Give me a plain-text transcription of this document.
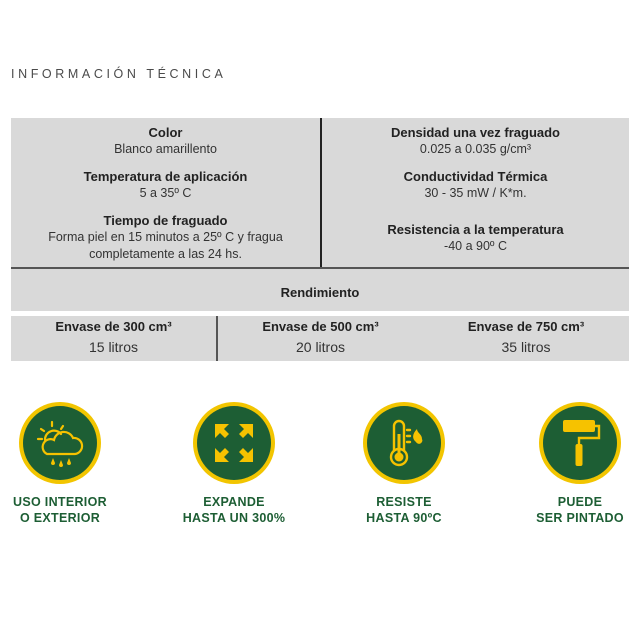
INFORMACIÓN TÉCNICA
Color
Blanco amarillento
Temperatura de aplicación
5 a 35º C
Tiempo de fraguado
Forma piel en 15 minutos a 25º C y fragua
completamente a las 24 hs.
Densidad una vez fraguado
0.025 a 0.035 g/cm³
Conductividad Térmica
30 - 35 mW / K*m.
Resistencia a la temperatura
-40 a 90º C
Rendimiento
Envase de 300 cm³
15 litros
Envase de 500 cm³
20 litros
Envase de 750 cm³
35 litros
USO INTERIOR
O EXTERIOR
EXPANDE
HASTA UN 300%
RESISTE
HASTA 90ºC
PUEDE
SER PINTADO
